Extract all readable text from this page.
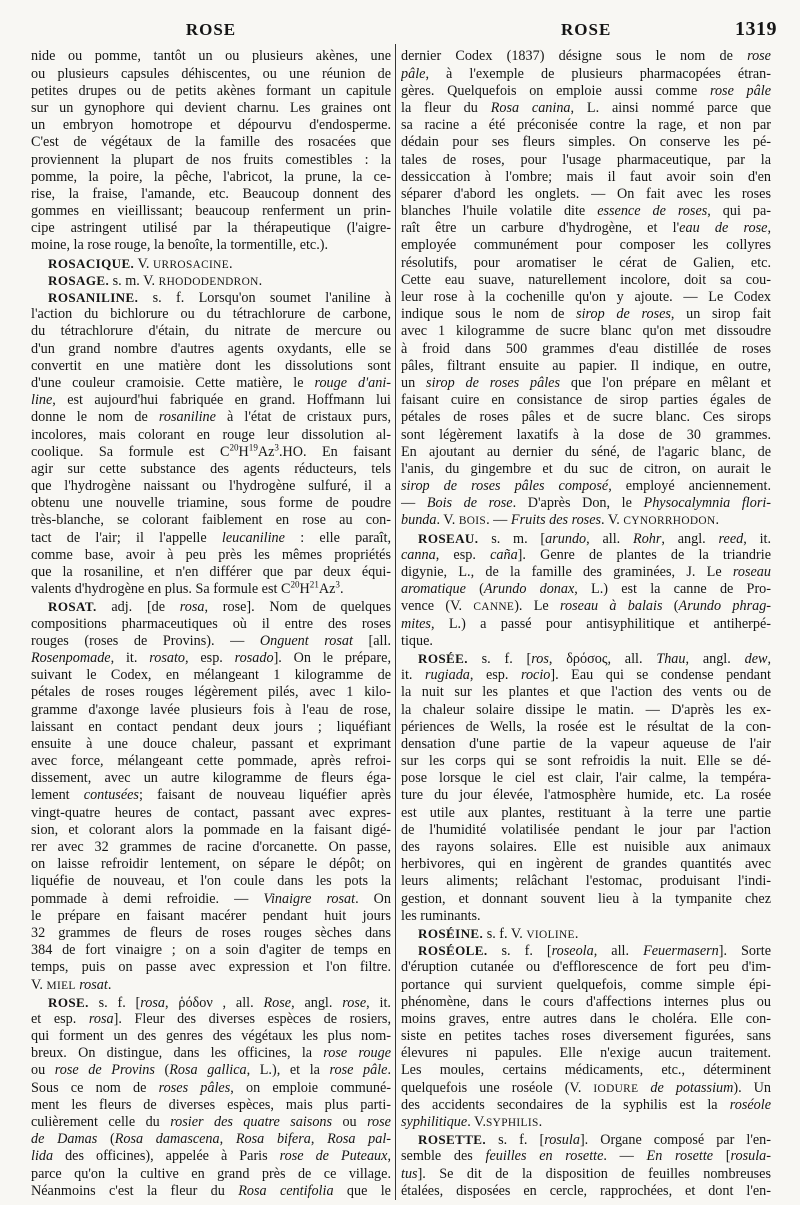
ROSE	ROSE	1319
nide ou pomme, tantôt un ou plusieurs akènes, une
ou plusieurs capsules déhiscentes, ou une réunion de
petites drupes ou de petits akènes formant un capitule
sur un gynophore qui devient charnu. Les graines ont
un embryon homotrope et dépourvu d'endosperme.
C'est de végétaux de la famille des rosacées que
proviennent la plupart de nos fruits comestibles : la
pomme, la poire, la pêche, l'abricot, la prune, la ce-
rise, la fraise, l'amande, etc. Beaucoup donnent des
gommes en vieillissant; beaucoup renferment un prin-
cipe astringent utilisé par la thérapeutique (l'aigre-
moine, la rose rouge, la benoîte, la tormentille, etc.).
ROSACIQUE. V. URROSACINE.
ROSAGE. s. m. V. RHODODENDRON.
ROSANILINE. s. f. Lorsqu'on soumet l'aniline à
l'action du bichlorure ou du tétrachlorure de carbone,
du tétrachlorure d'étain, du nitrate de mercure ou
d'un grand nombre d'autres agents oxydants, elle se
convertit en une matière dont les dissolutions sont
d'une couleur cramoisie. Cette matière, le rouge d'ani-
line, est aujourd'hui fabriquée en grand. Hoffmann lui
donne le nom de rosaniline à l'état de cristaux purs,
incolores, mais colorant en rouge leur dissolution al-
coolique. Sa formule est $C^{20}H^{19}Az^3.HO$. En faisant
agir sur cette substance des agents réducteurs, tels
que l'hydrogène naissant ou l'hydrogène sulfuré, il a
obtenu une nouvelle triamine, sous forme de poudre
très-blanche, se colorant faiblement en rose au con-
tact de l'air; il l'appelle leucaniline : elle paraît,
comme base, avoir à peu près les mêmes propriétés
que la rosaniline, et n'en différer que par deux équi-
valents d'hydrogène en plus. Sa formule est $C^{20}H^{21}Az^3$.
ROSAT. adj. [de rosa, rose]. Nom de quelques
compositions pharmaceutiques où il entre des roses
rouges (roses de Provins). — Onguent rosat [all.
Rosenpomade, it. rosato, esp. rosado]. On le prépare,
suivant le Codex, en mélangeant 1 kilogramme de
pétales de roses rouges légèrement pilés, avec 1 kilo-
gramme d'axonge lavée plusieurs fois à l'eau de rose,
laissant en contact pendant deux jours ; liquéfiant
ensuite à une douce chaleur, passant et exprimant
avec force, mélangeant cette pommade, après refroi-
dissement, avec un autre kilogramme de fleurs éga-
lement contusées; faisant de nouveau liquéfier après
vingt-quatre heures de contact, passant avec expres-
sion, et colorant alors la pommade en la faisant digé-
rer avec 32 grammes de racine d'orcanette. On passe,
on laisse refroidir lentement, on sépare le dépôt; on
liquéfie de nouveau, et l'on coule dans les pots la
pommade à demi refroidie. — Vinaigre rosat. On
le prépare en faisant macérer pendant huit jours
32 grammes de fleurs de roses rouges sèches dans
384 de fort vinaigre ; on a soin d'agiter de temps en
temps, puis on passe avec expression et l'on filtre.
V. MIEL rosat.
ROSE. s. f. [rosa, ῥόδον , all. Rose, angl. rose, it.
et esp. rosa]. Fleur des diverses espèces de rosiers,
qui forment un des genres des végétaux les plus nom-
breux. On distingue, dans les officines, la rose rouge
ou rose de Provins (Rosa gallica, L.), et la rose pâle.
Sous ce nom de roses pâles, on emploie communé-
ment les fleurs de diverses espèces, mais plus parti-
culièrement celle du rosier des quatre saisons ou rose
de Damas (Rosa damascena, Rosa bifera, Rosa pal-
lida des officines), appelée à Paris rose de Puteaux,
parce qu'on la cultive en grand près de ce village.
Néanmoins c'est la fleur du Rosa centifolia que le
dernier Codex (1837) désigne sous le nom de rose
pâle, à l'exemple de plusieurs pharmacopées étran-
gères. Quelquefois on emploie aussi comme rose pâle
la fleur du Rosa canina, L. ainsi nommé parce que
sa racine a été préconisée contre la rage, et non par
dédain pour ses fleurs simples. On conserve les pé-
tales de roses, pour l'usage pharmaceutique, par la
dessiccation à l'ombre; mais il faut avoir soin d'en
séparer d'abord les onglets. — On fait avec les roses
blanches l'huile volatile dite essence de roses, qui pa-
raît être un carbure d'hydrogène, et l'eau de rose,
employée communément pour composer les collyres
résolutifs, pour aromatiser le cérat de Galien, etc.
Cette eau suave, naturellement incolore, doit sa cou-
leur rose à la cochenille qu'on y ajoute. — Le Codex
indique sous le nom de sirop de roses, un sirop fait
avec 1 kilogramme de sucre blanc qu'on met dissoudre
à froid dans 500 grammes d'eau distillée de roses
pâles, filtrant ensuite au papier. Il indique, en outre,
un sirop de roses pâles que l'on prépare en mêlant et
faisant cuire en consistance de sirop parties égales de
pétales de roses pâles et de sucre blanc. Ces sirops
sont légèrement laxatifs à la dose de 30 grammes.
En ajoutant au dernier du séné, de l'agaric blanc, de
l'anis, du gingembre et du suc de citron, on aurait le
sirop de roses pâles composé, employé anciennement.
— Bois de rose. D'après Don, le Physocalymnia flori-
bunda. V. BOIS. — Fruits des roses. V. CYNORRHODON.
ROSEAU. s. m. [arundo, all. Rohr, angl. reed, it.
canna, esp. caña]. Genre de plantes de la triandrie
digynie, L., de la famille des graminées, J. Le roseau
aromatique (Arundo donax, L.) est la canne de Pro-
vence (V. CANNE). Le roseau à balais (Arundo phrag-
mites, L.) a passé pour antisyphilitique et antiherpé-
tique.
ROSÉE. s. f. [ros, δρόσος, all. Thau, angl. dew,
it. rugiada, esp. rocio]. Eau qui se condense pendant
la nuit sur les plantes et que l'action des vents ou de
la chaleur solaire dissipe le matin. — D'après les ex-
périences de Wells, la rosée est le résultat de la con-
densation d'une partie de la vapeur aqueuse de l'air
sur les corps qui se sont refroidis la nuit. Elle se dé-
pose lorsque le ciel est clair, l'air calme, la tempéra-
ture du jour élevée, l'atmosphère humide, etc. La rosée
est utile aux plantes, restituant à la terre une partie
de l'humidité volatilisée pendant le jour par l'action
des rayons solaires. Elle est nuisible aux animaux
herbivores, qui en ingèrent de grandes quantités avec
leurs aliments; relâchant l'estomac, produisant l'indi-
gestion, et donnant souvent lieu à la tympanite chez
les ruminants.
ROSÉINE. s. f. V. VIOLINE.
ROSÉOLE. s. f. [roseola, all. Feuermasern]. Sorte
d'éruption cutanée ou d'efflorescence de fort peu d'im-
portance qui survient quelquefois, comme simple épi-
phénomène, dans le cours d'affections internes plus ou
moins graves, entre autres dans le choléra. Elle con-
siste en petites taches roses diversement figurées, sans
élevures ni papules. Elle n'exige aucun traitement.
Les moules, certains médicaments, etc., déterminent
quelquefois une roséole (V. IODURE de potassium). Un
des accidents secondaires de la syphilis est la roséole
syphilitique. V.SYPHILIS.
ROSETTE. s. f. [rosula]. Organe composé par l'en-
semble des feuilles en rosette. — En rosette [rosula-
tus]. Se dit de la disposition de feuilles nombreuses
étalées, disposées en cercle, rapprochées, et dont l'en-
